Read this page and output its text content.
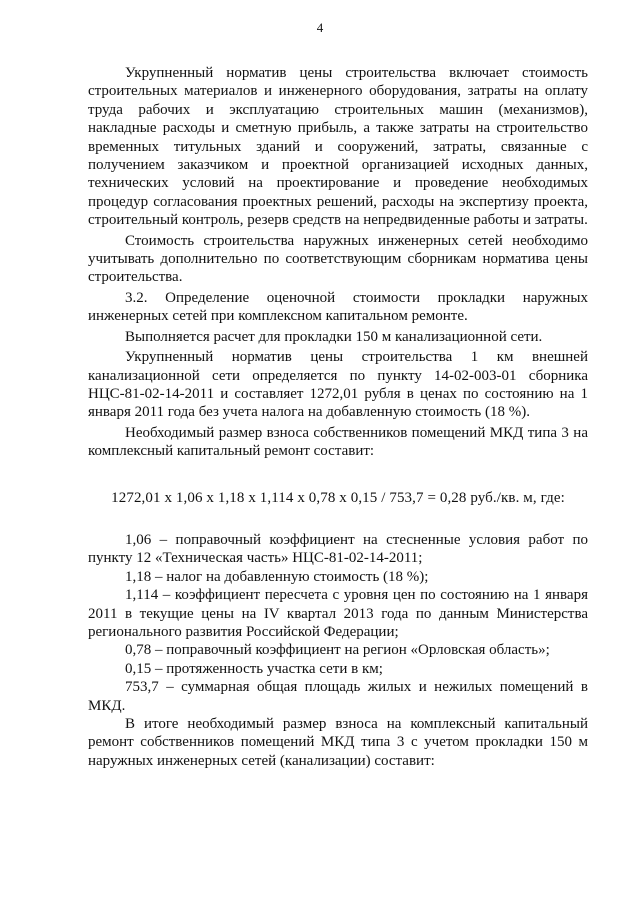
4

Укрупненный норматив цены строительства включает стоимость строительных материалов и инженерного оборудования, затраты на оплату труда рабочих и эксплуатацию строительных машин (механизмов), накладные расходы и сметную прибыль, а также затраты на строительство временных титульных зданий и сооружений, затраты, связанные с получением заказчиком и проектной организацией исходных данных, технических условий на проектирование и проведение необходимых процедур согласования проектных решений, расходы на экспертизу проекта, строительный контроль, резерв средств на непредвиденные работы и затраты.

Стоимость строительства наружных инженерных сетей необходимо учитывать дополнительно по соответствующим сборникам норматива цены строительства.

3.2. Определение оценочной стоимости прокладки наружных инженерных сетей при комплексном капитальном ремонте.

Выполняется расчет для прокладки 150 м канализационной сети.

Укрупненный норматив цены строительства 1 км внешней канализационной сети определяется по пункту 14-02-003-01 сборника НЦС-81-02-14-2011 и составляет 1272,01 рубля в ценах по состоянию на 1 января 2011 года без учета налога на добавленную стоимость (18 %).

Необходимый размер взноса собственников помещений МКД типа 3 на комплексный капитальный ремонт составит:

1272,01 х 1,06 х 1,18 х 1,114 х 0,78 х 0,15 / 753,7 = 0,28 руб./кв. м, где:

1,06 – поправочный коэффициент на стесненные условия работ по пункту 12 «Техническая часть» НЦС-81-02-14-2011;

1,18 – налог на добавленную стоимость (18 %);

1,114 – коэффициент пересчета с уровня цен по состоянию на 1 января 2011 в текущие цены на IV квартал 2013 года по данным Министерства регионального развития Российской Федерации;

0,78 – поправочный коэффициент на регион «Орловская область»;

0,15 – протяженность участка сети в км;

753,7 – суммарная общая площадь жилых и нежилых помещений в МКД.

В итоге необходимый размер взноса на комплексный капитальный ремонт собственников помещений МКД типа 3 с учетом прокладки 150 м наружных инженерных сетей (канализации) составит:
